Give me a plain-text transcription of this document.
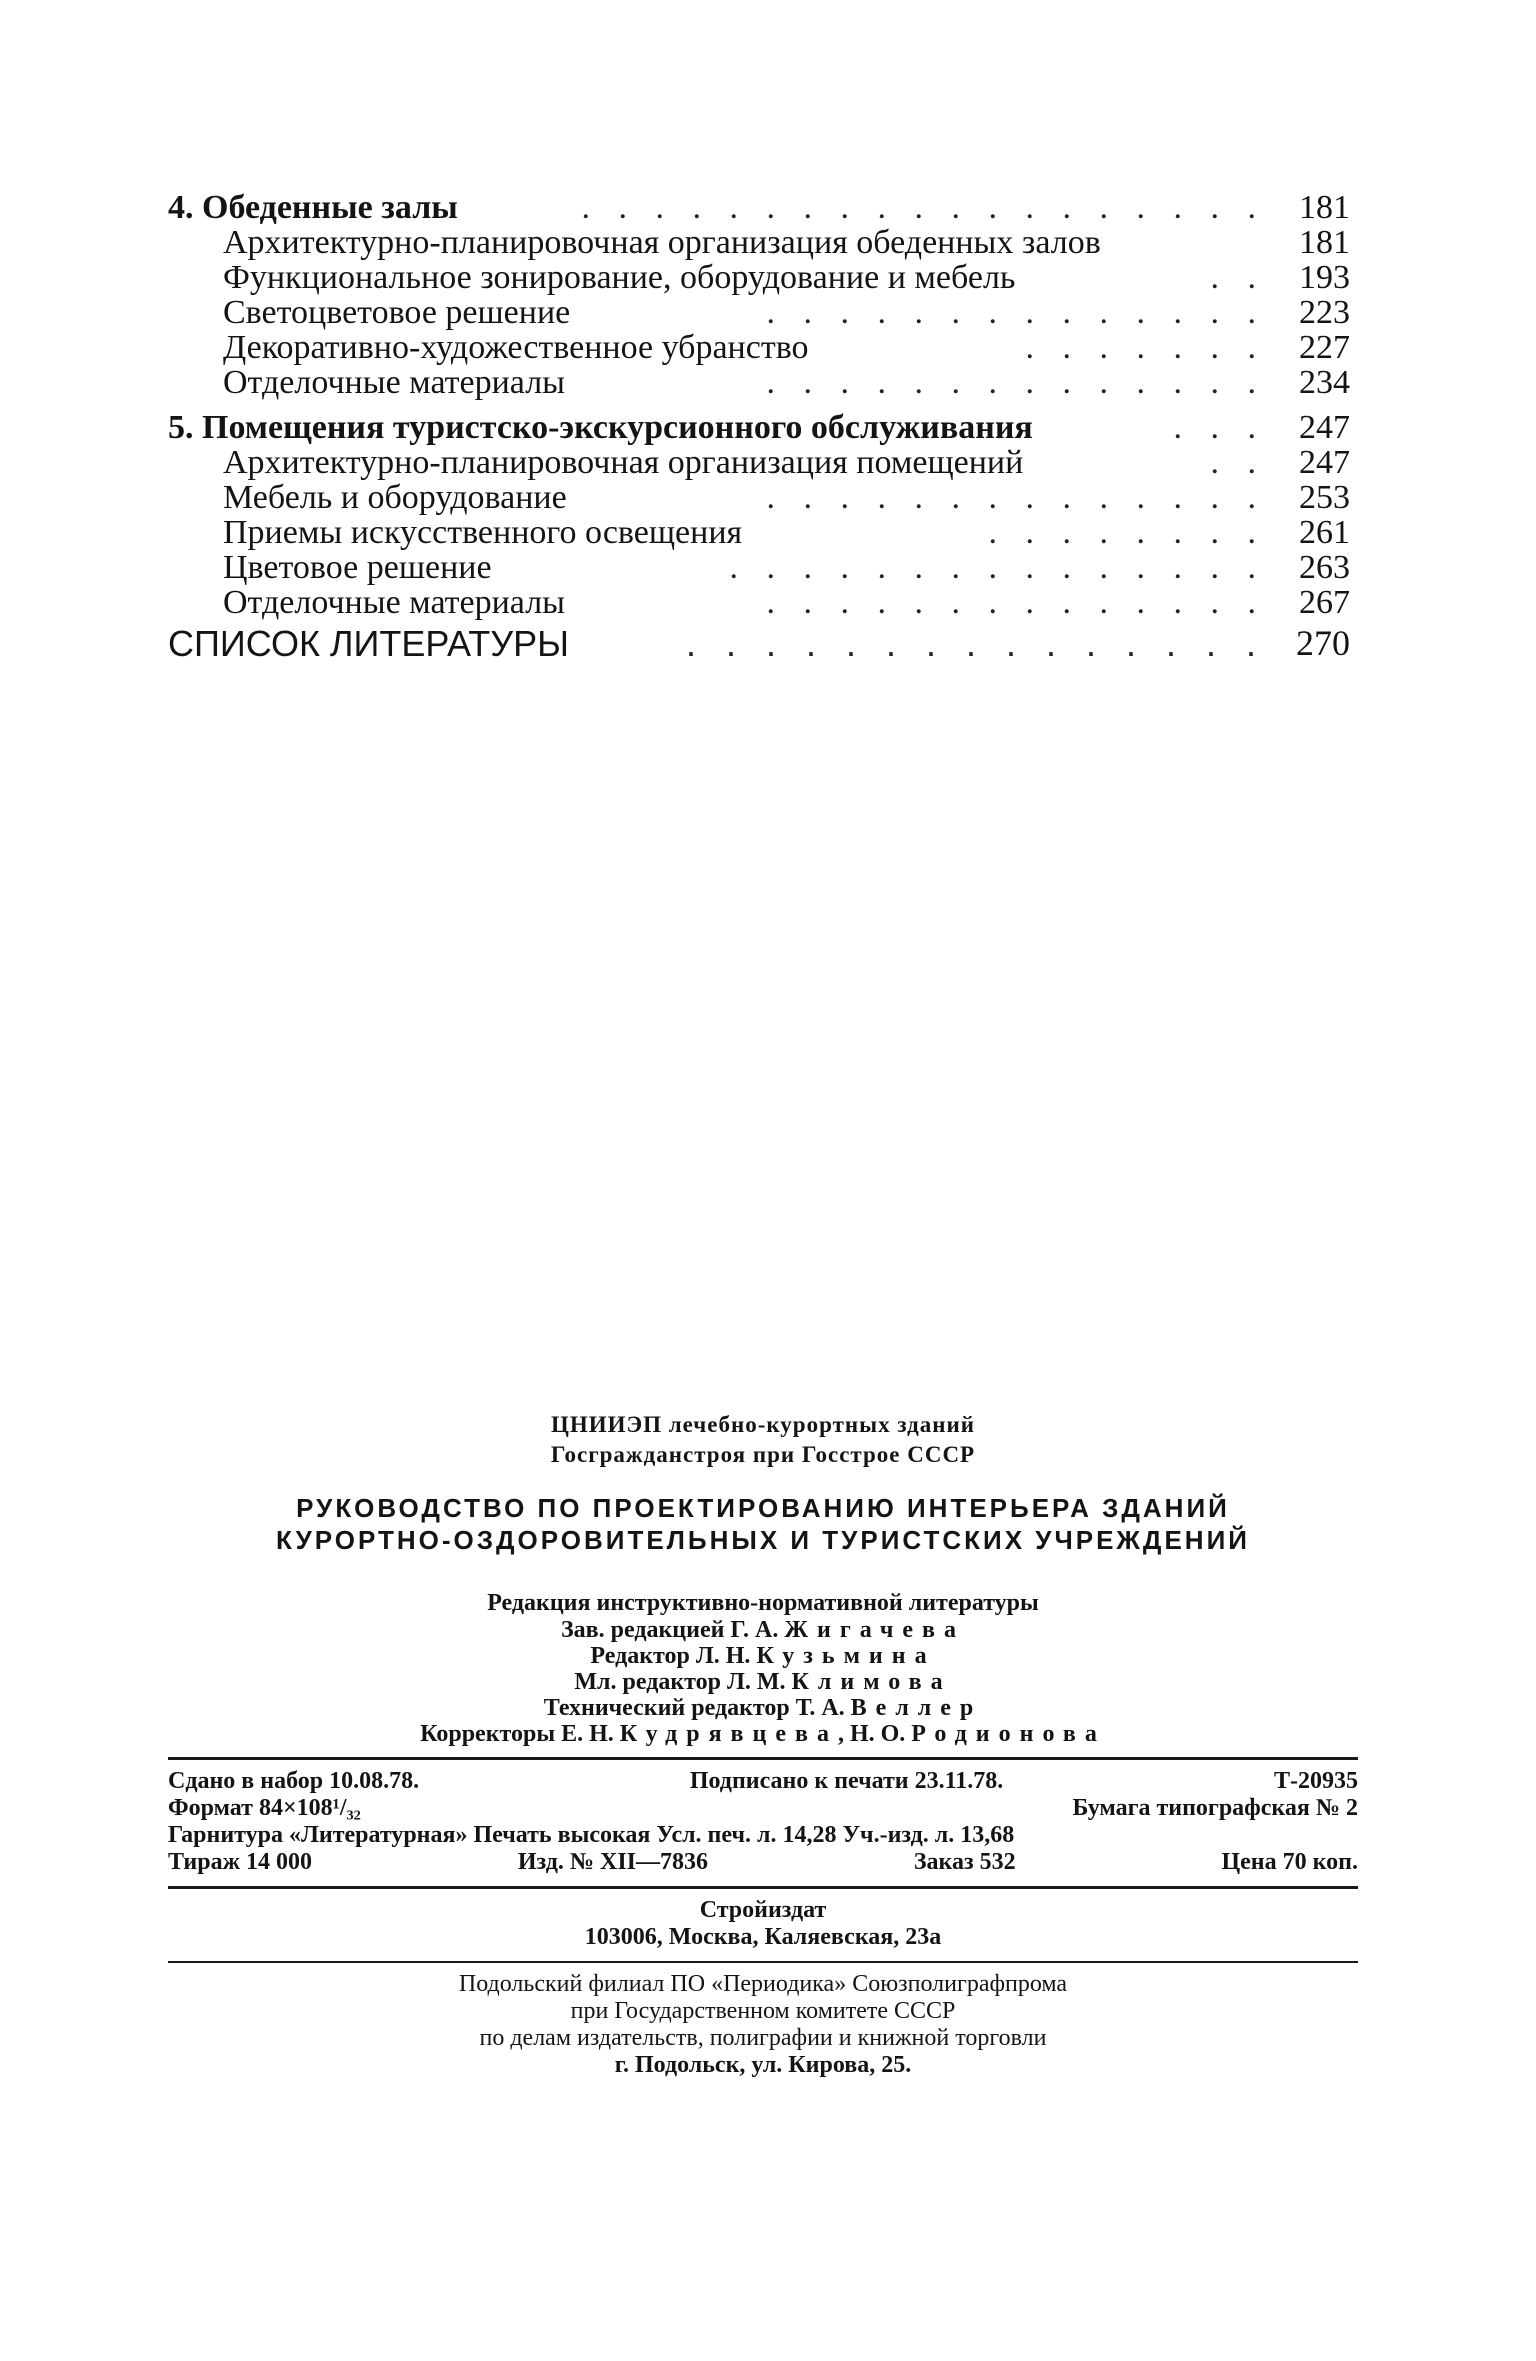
4. Обеденные залы	. . . . . . . . . . . . . . . . . . . 181
Архитектурно-планировочная организация обеденных залов	181
Функциональное зонирование, оборудование и мебель	. . 193
Светоцветовое решение	. . . . . . . . . . . . . . 223
Декоративно-художественное убранство	. . . . . . . 227
Отделочные материалы	. . . . . . . . . . . . . . 234
5. Помещения туристско-экскурсионного обслуживания	. . . 247
Архитектурно-планировочная организация помещений	. . 247
Мебель и оборудование	. . . . . . . . . . . . . . 253
Приемы искусственного освещения	. . . . . . . . 261
Цветовое решение	. . . . . . . . . . . . . . . 263
Отделочные материалы	. . . . . . . . . . . . . . 267
СПИСОК ЛИТЕРАТУРЫ	. . . . . . . . . . . . . . . 270
ЦНИИЭП лечебно-курортных зданий
Госгражданстроя при Госстрое СССР
РУКОВОДСТВО ПО ПРОЕКТИРОВАНИЮ ИНТЕРЬЕРА ЗДАНИЙ
КУРОРТНО-ОЗДОРОВИТЕЛЬНЫХ И ТУРИСТСКИХ УЧРЕЖДЕНИЙ
Редакция инструктивно-нормативной литературы
Зав. редакцией Г. А. Жигачева
Редактор Л. Н. Кузьмина
Мл. редактор Л. М. Климова
Технический редактор Т. А. Веллер
Корректоры Е. Н. Кудрявцева, Н. О. Родионова
Сдано в набор 10.08.78.	Подписано к печати 23.11.78.	Т-20935
Формат 84×108¹/₃₂	Бумага типографская № 2
Гарнитура «Литературная» Печать высокая Усл. печ. л. 14,28 Уч.-изд. л. 13,68
Тираж 14 000	Изд. № XII—7836	Заказ 532	Цена 70 коп.
Стройиздат
103006, Москва, Каляевская, 23а
Подольский филиал ПО «Периодика» Союзполиграфпрома
при Государственном комитете СССР
по делам издательств, полиграфии и книжной торговли
г. Подольск, ул. Кирова, 25.
